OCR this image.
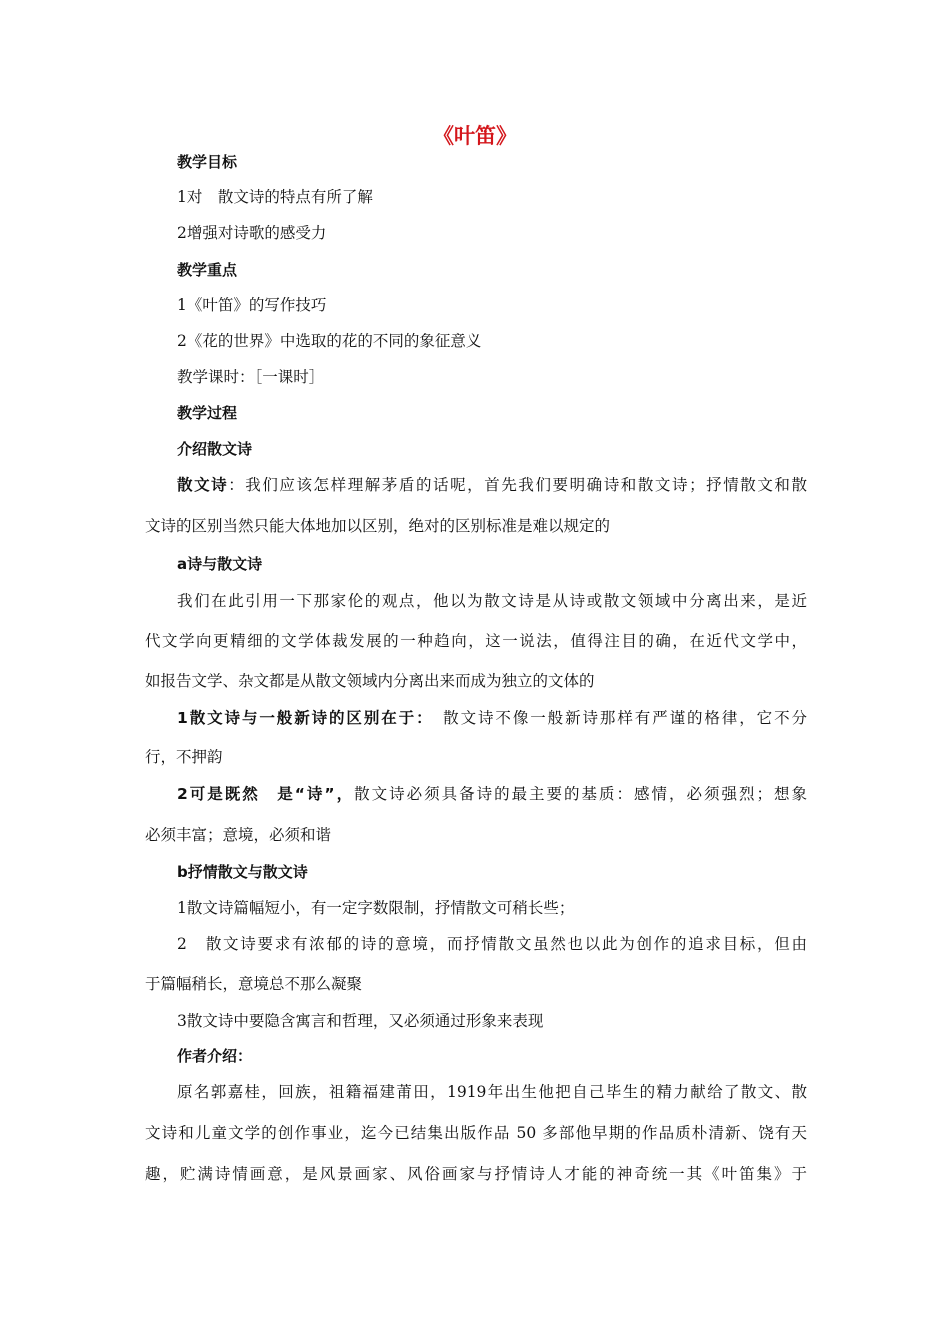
《叶笛》
教学目标
1对　散文诗的特点有所了解
2增强对诗歌的感受力
教学重点
1《叶笛》的写作技巧
2《花的世界》中选取的花的不同的象征意义
教学课时：［一课时］
教学过程
介绍散文诗
散文诗：我们应该怎样理解茅盾的话呢，首先我们要明确诗和散文诗；抒情散文和散
文诗的区别当然只能大体地加以区别，绝对的区别标准是难以规定的
a诗与散文诗
我们在此引用一下那家伦的观点，他以为散文诗是从诗或散文领域中分离出来，是近
代文学向更精细的文学体裁发展的一种趋向，这一说法，值得注目的确，在近代文学中，
如报告文学、杂文都是从散文领域内分离出来而成为独立的文体的
1散文诗与一般新诗的区别在于：　散文诗不像一般新诗那样有严谨的格律，它不分
行，不押韵
2可是既然　是“诗”，散文诗必须具备诗的最主要的基质：感情，必须强烈；想象
必须丰富；意境，必须和谐
b抒情散文与散文诗
1散文诗篇幅短小，有一定字数限制，抒情散文可稍长些；
2　散文诗要求有浓郁的诗的意境，而抒情散文虽然也以此为创作的追求目标，但由
于篇幅稍长，意境总不那么凝聚
3散文诗中要隐含寓言和哲理，又必须通过形象来表现
作者介绍：
原名郭嘉桂，回族，祖籍福建莆田，1919年出生他把自己毕生的精力献给了散文、散
文诗和儿童文学的创作事业，迄今已结集出版作品 50 多部他早期的作品质朴清新、饶有天
趣，贮满诗情画意，是风景画家、风俗画家与抒情诗人才能的神奇统一其《叶笛集》于
